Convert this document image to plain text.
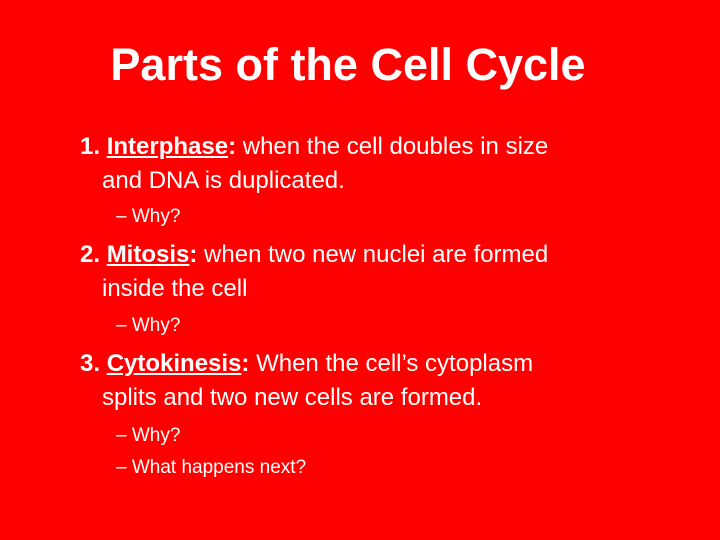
Parts of the Cell Cycle
1. Interphase: when the cell doubles in size
and DNA is duplicated.
– Why?
2. Mitosis: when two new nuclei are formed
inside the cell
– Why?
3. Cytokinesis: When the cell’s cytoplasm
splits and two new cells are formed.
– Why?
– What happens next?
